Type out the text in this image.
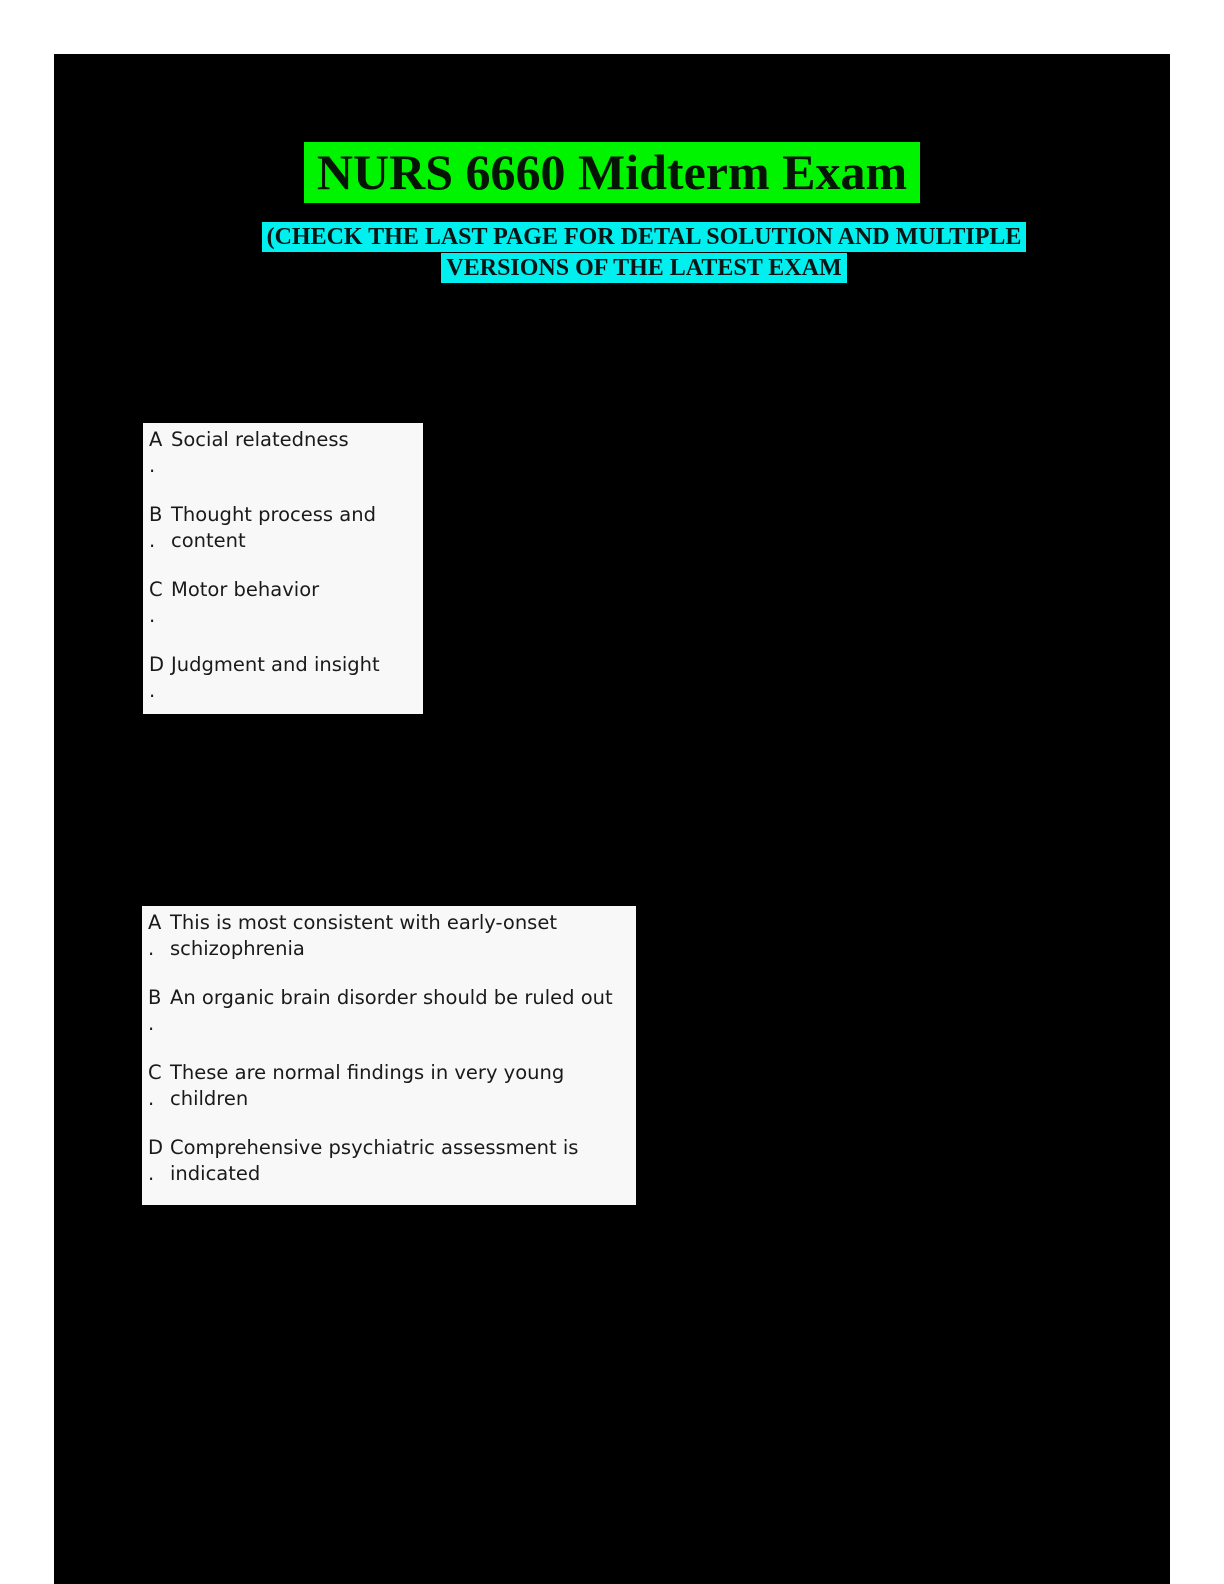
NURS 6660 Midterm Exam
(CHECK THE LAST PAGE FOR DETAL SOLUTION AND MULTIPLE
VERSIONS OF THE LATEST EXAM
A
.
Social relatedness
B
.
Thought process and content
C
.
Motor behavior
D
.
Judgment and insight
A
.
This is most consistent with early-onset schizophrenia
B
.
An organic brain disorder should be ruled out
C
.
These are normal findings in very young children
D
.
Comprehensive psychiatric assessment is indicated
